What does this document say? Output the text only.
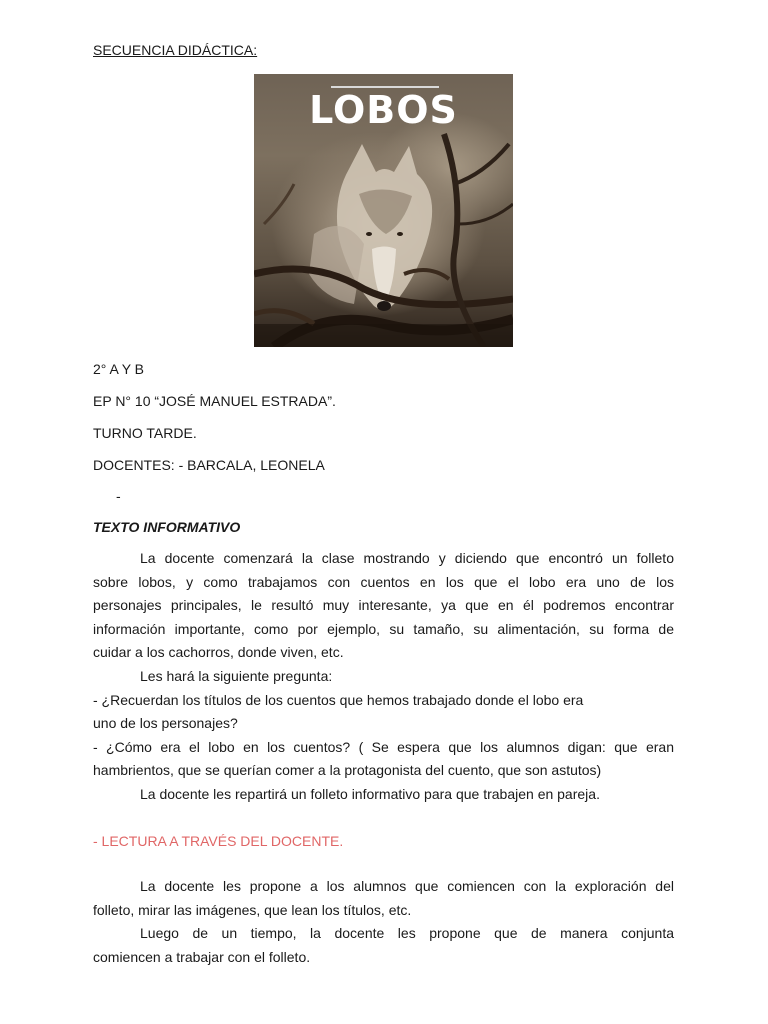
SECUENCIA DIDÁCTICA:
LOBOS

2° A Y B

EP N° 10 “JOSÉ MANUEL ESTRADA”.

TURNO TARDE.

DOCENTES: - BARCALA, LEONELA

-

TEXTO INFORMATIVO

La docente comenzará la clase mostrando y diciendo que encontró un folleto
sobre lobos, y como trabajamos con cuentos en los que el lobo era uno de los
personajes principales, le resultó muy interesante, ya que en él podremos encontrar
información importante, como por ejemplo, su tamaño, su alimentación, su forma de
cuidar a los cachorros, donde viven, etc.
Les hará la siguiente pregunta:
- ¿Recuerdan los títulos de los cuentos que hemos trabajado donde el lobo era
uno de los personajes?
- ¿Cómo era el lobo en los cuentos? ( Se espera que los alumnos digan: que eran
hambrientos, que se querían comer a la protagonista del cuento, que son astutos)
La docente les repartirá un folleto informativo para que trabajen en pareja.

- LECTURA A TRAVÉS DEL DOCENTE.

La docente les propone a los alumnos que comiencen con la exploración del
folleto, mirar las imágenes, que lean los títulos, etc.
Luego de un tiempo, la docente les propone que de manera conjunta
comiencen a trabajar con el folleto.
